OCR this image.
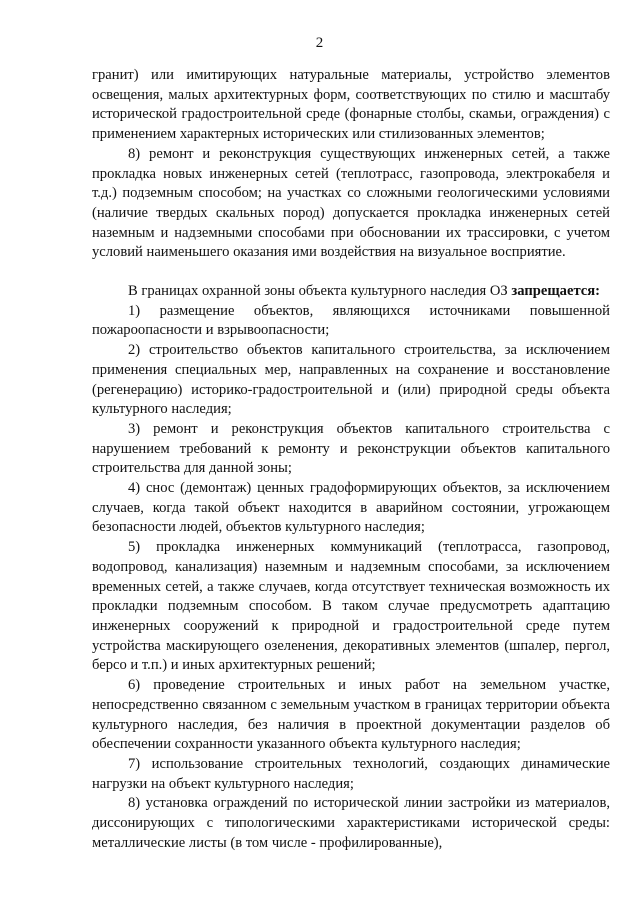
2

гранит) или имитирующих натуральные материалы, устройство элементов освещения, малых архитектурных форм, соответствующих по стилю и масштабу исторической градостроительной среде (фонарные столбы, скамьи, ограждения) с применением характерных исторических или стилизованных элементов;

8) ремонт и реконструкция существующих инженерных сетей, а также прокладка новых инженерных сетей (теплотрасс, газопровода, электрокабеля и т.д.) подземным способом; на участках со сложными геологическими условиями (наличие твердых скальных пород) допускается прокладка инженерных сетей наземным и надземными способами при обосновании их трассировки, с учетом условий наименьшего оказания ими воздействия на визуальное восприятие.

В границах охранной зоны объекта культурного наследия ОЗ запрещается:

1) размещение объектов, являющихся источниками повышенной пожароопасности и взрывоопасности;

2) строительство объектов капитального строительства, за исключением применения специальных мер, направленных на сохранение и восстановление (регенерацию) историко-градостроительной и (или) природной среды объекта культурного наследия;

3) ремонт и реконструкция объектов капитального строительства с нарушением требований к ремонту и реконструкции объектов капитального строительства для данной зоны;

4) снос (демонтаж) ценных градоформирующих объектов, за исключением случаев, когда такой объект находится в аварийном состоянии, угрожающем безопасности людей, объектов культурного наследия;

5) прокладка инженерных коммуникаций (теплотрасса, газопровод, водопровод, канализация) наземным и надземным способами, за исключением временных сетей, а также случаев, когда отсутствует техническая возможность их прокладки подземным способом. В таком случае предусмотреть адаптацию инженерных сооружений к природной и градостроительной среде путем устройства маскирующего озеленения, декоративных элементов (шпалер, пергол, берсо и т.п.) и иных архитектурных решений;

6) проведение строительных и иных работ на земельном участке, непосредственно связанном с земельным участком в границах территории объекта культурного наследия, без наличия в проектной документации разделов об обеспечении сохранности указанного объекта культурного наследия;

7) использование строительных технологий, создающих динамические нагрузки на объект культурного наследия;

8) установка ограждений по исторической линии застройки из материалов, диссонирующих с типологическими характеристиками исторической среды: металлические листы (в том числе - профилированные),
